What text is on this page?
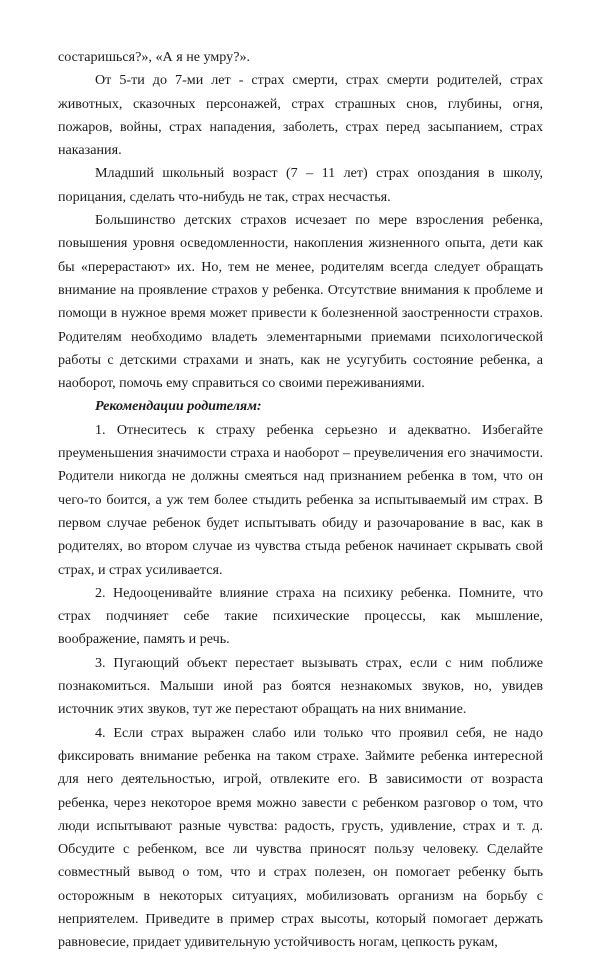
состаришься?», «А я не умру?».

От 5-ти до 7-ми лет - страх смерти, страх смерти родителей, страх животных, сказочных персонажей, страх страшных снов, глубины, огня, пожаров, войны, страх нападения, заболеть, страх перед засыпанием, страх наказания.

Младший школьный возраст (7 – 11 лет) страх опоздания в школу, порицания, сделать что-нибудь не так, страх несчастья.

Большинство детских страхов исчезает по мере взросления ребенка, повышения уровня осведомленности, накопления жизненного опыта, дети как бы «перерастают» их. Но, тем не менее, родителям всегда следует обращать внимание на проявление страхов у ребенка. Отсутствие внимания к проблеме и помощи в нужное время может привести к болезненной заостренности страхов. Родителям необходимо владеть элементарными приемами психологической работы с детскими страхами и знать, как не усугубить состояние ребенка, а наоборот, помочь ему справиться со своими переживаниями.

Рекомендации родителям:

1. Отнеситесь к страху ребенка серьезно и адекватно. Избегайте преуменьшения значимости страха и наоборот – преувеличения его значимости. Родители никогда не должны смеяться над признанием ребенка в том, что он чего-то боится, а уж тем более стыдить ребенка за испытываемый им страх. В первом случае ребенок будет испытывать обиду и разочарование в вас, как в родителях, во втором случае из чувства стыда ребенок начинает скрывать свой страх, и страх усиливается.

2. Недооценивайте влияние страха на психику ребенка. Помните, что страх подчиняет себе такие психические процессы, как мышление, воображение, память и речь.

3. Пугающий объект перестает вызывать страх, если с ним поближе познакомиться. Малыши иной раз боятся незнакомых звуков, но, увидев источник этих звуков, тут же перестают обращать на них внимание.

4. Если страх выражен слабо или только что проявил себя, не надо фиксировать внимание ребенка на таком страхе. Займите ребенка интересной для него деятельностью, игрой, отвлеките его. В зависимости от возраста ребенка, через некоторое время можно завести с ребенком разговор о том, что люди испытывают разные чувства: радость, грусть, удивление, страх и т. д. Обсудите с ребенком, все ли чувства приносят пользу человеку. Сделайте совместный вывод о том, что и страх полезен, он помогает ребенку быть осторожным в некоторых ситуациях, мобилизовать организм на борьбу с неприятелем. Приведите в пример страх высоты, который помогает держать равновесие, придает удивительную устойчивость ногам, цепкость рукам,
